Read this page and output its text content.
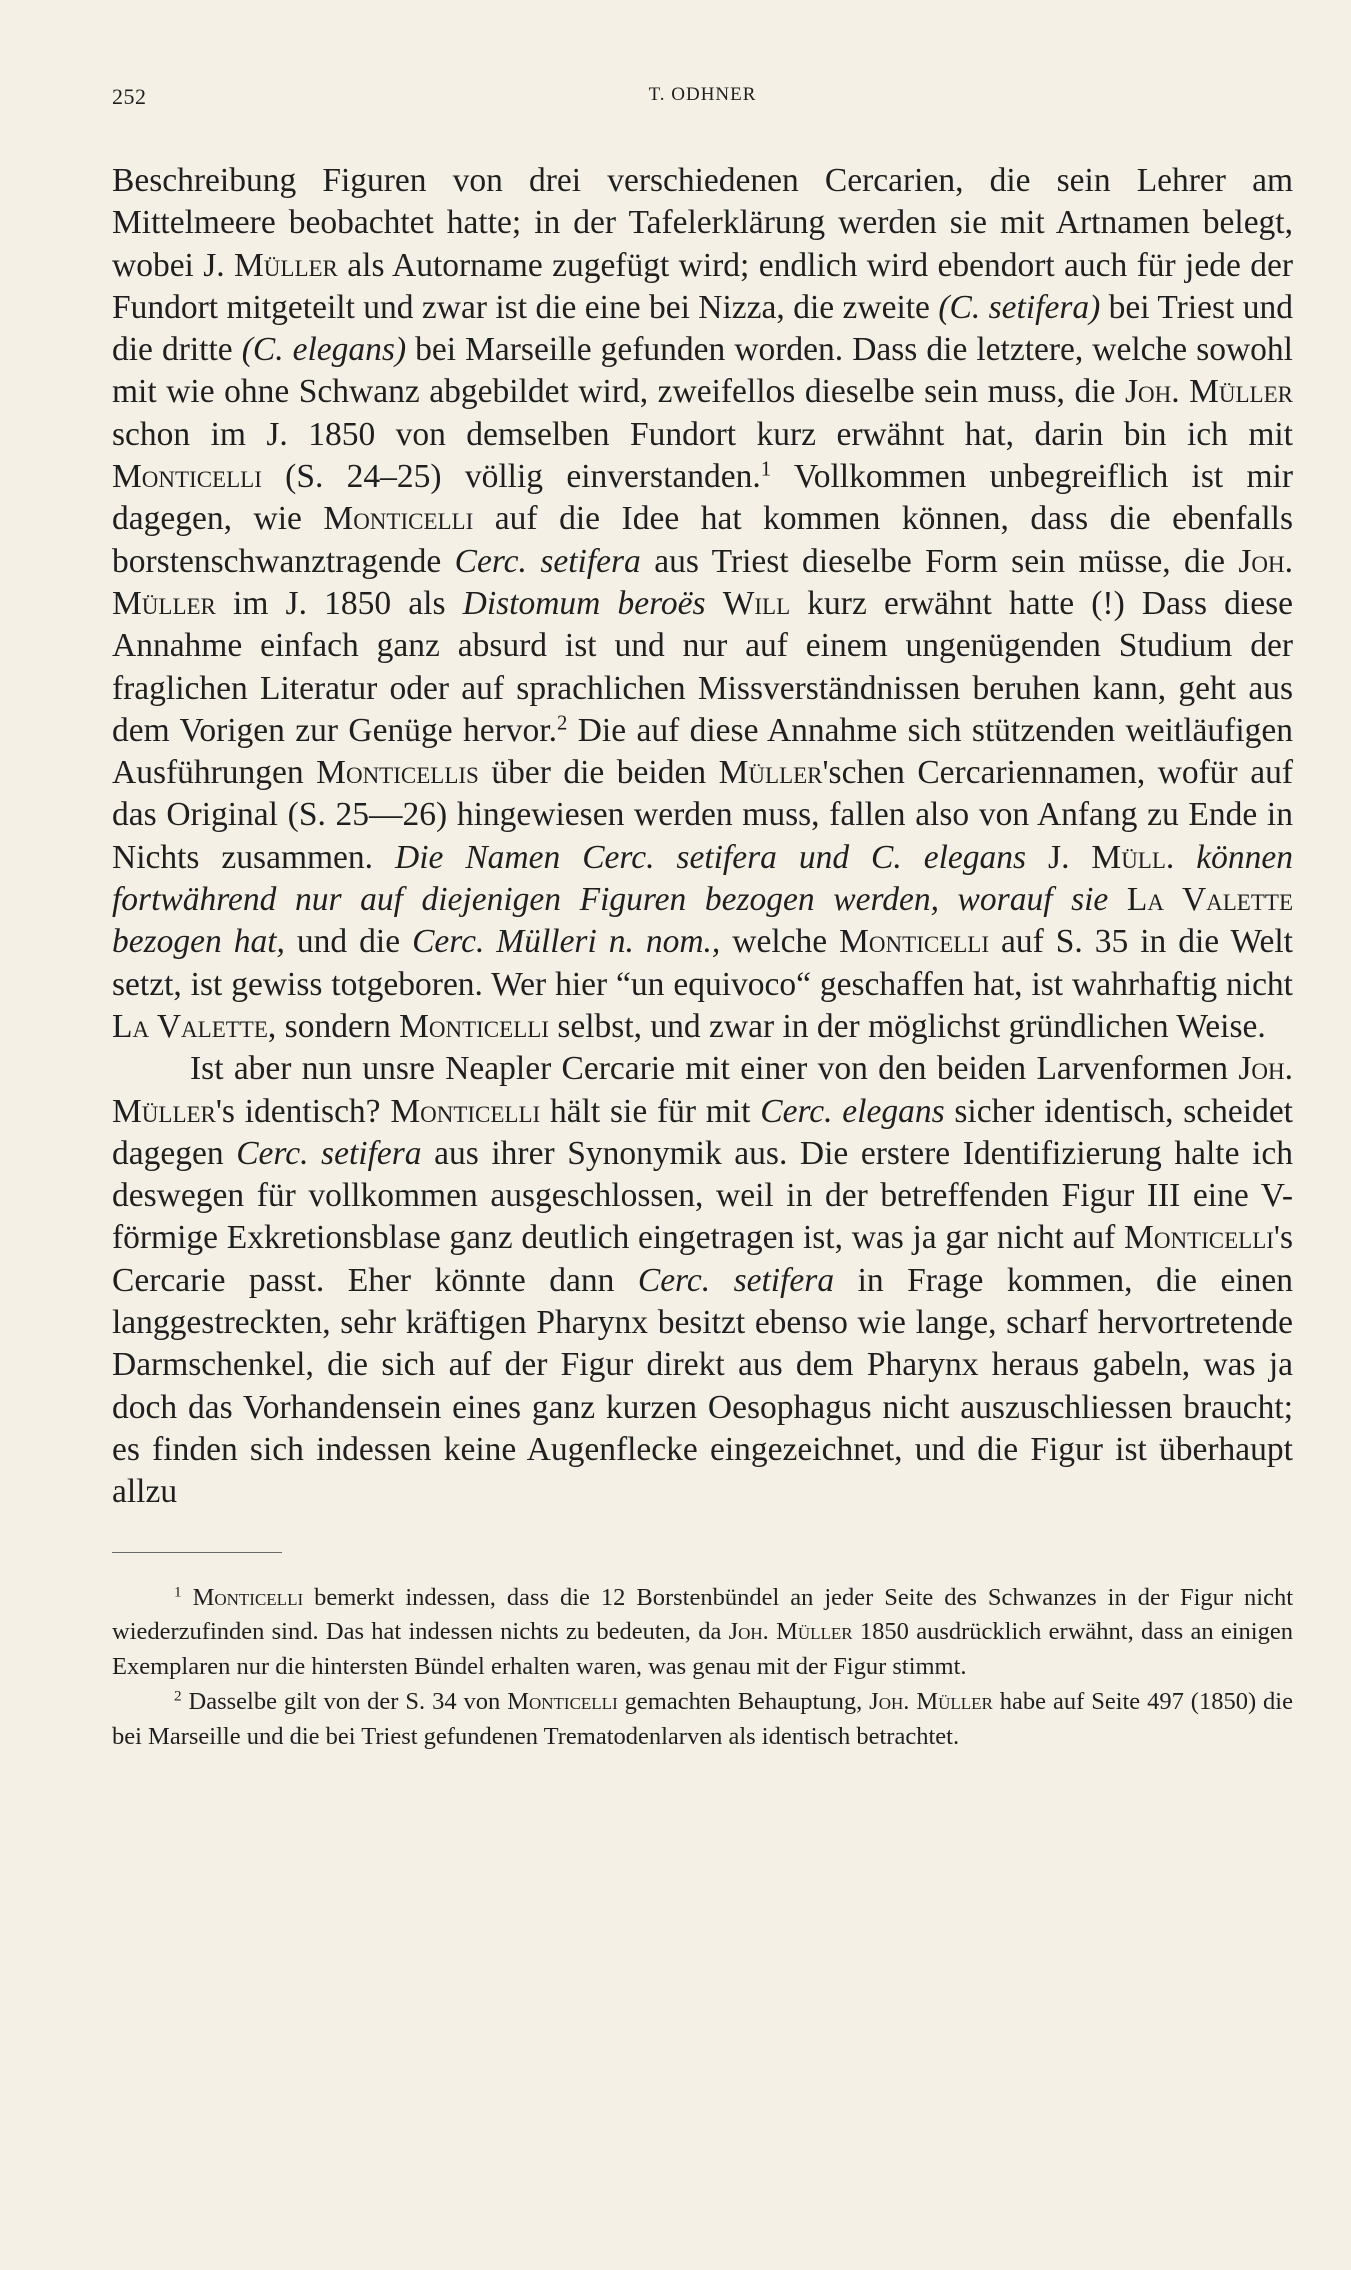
252	T. ODHNER

Beschreibung Figuren von drei verschiedenen Cercarien, die sein Lehrer am Mittelmeere beobachtet hatte; in der Tafelerklärung werden sie mit Artnamen belegt, wobei J. Müller als Autorname zugefügt wird; endlich wird ebendort auch für jede der Fundort mitgeteilt und zwar ist die eine bei Nizza, die zweite (C. setifera) bei Triest und die dritte (C. elegans) bei Marseille gefunden worden. Dass die letztere, welche sowohl mit wie ohne Schwanz abgebildet wird, zweifellos dieselbe sein muss, die Joh. Müller schon im J. 1850 von demselben Fundort kurz erwähnt hat, darin bin ich mit Monticelli (S. 24–25) völlig einverstanden.$^1$ Vollkommen unbegreiflich ist mir dagegen, wie Monticelli auf die Idee hat kommen können, dass die ebenfalls borstenschwanztragende Cerc. setifera aus Triest dieselbe Form sein müsse, die Joh. Müller im J. 1850 als Distomum beroës Will kurz erwähnt hatte (!) Dass diese Annahme einfach ganz absurd ist und nur auf einem ungenügenden Studium der fraglichen Literatur oder auf sprachlichen Missverständnissen beruhen kann, geht aus dem Vorigen zur Genüge hervor.$^2$ Die auf diese Annahme sich stützenden weitläufigen Ausführungen Monticellis über die beiden Müller'schen Cercariennamen, wofür auf das Original (S. 25—26) hingewiesen werden muss, fallen also von Anfang zu Ende in Nichts zusammen. Die Namen Cerc. setifera und C. elegans J. Müll. können fortwährend nur auf diejenigen Figuren bezogen werden, worauf sie La Valette bezogen hat, und die Cerc. Mülleri n. nom., welche Monticelli auf S. 35 in die Welt setzt, ist gewiss totgeboren. Wer hier “un equivoco“ geschaffen hat, ist wahrhaftig nicht La Valette, sondern Monticelli selbst, und zwar in der möglichst gründlichen Weise.

Ist aber nun unsre Neapler Cercarie mit einer von den beiden Larvenformen Joh. Müller's identisch? Monticelli hält sie für mit Cerc. elegans sicher identisch, scheidet dagegen Cerc. setifera aus ihrer Synonymik aus. Die erstere Identifizierung halte ich deswegen für vollkommen ausgeschlossen, weil in der betreffenden Figur III eine V-förmige Exkretionsblase ganz deutlich eingetragen ist, was ja gar nicht auf Monticelli's Cercarie passt. Eher könnte dann Cerc. setifera in Frage kommen, die einen langgestreckten, sehr kräftigen Pharynx besitzt ebenso wie lange, scharf hervortretende Darmschenkel, die sich auf der Figur direkt aus dem Pharynx heraus gabeln, was ja doch das Vorhandensein eines ganz kurzen Oesophagus nicht auszuschliessen braucht; es finden sich indessen keine Augenflecke eingezeichnet, und die Figur ist überhaupt allzu

$^1$ Monticelli bemerkt indessen, dass die 12 Borstenbündel an jeder Seite des Schwanzes in der Figur nicht wiederzufinden sind. Das hat indessen nichts zu bedeuten, da Joh. Müller 1850 ausdrücklich erwähnt, dass an einigen Exemplaren nur die hintersten Bündel erhalten waren, was genau mit der Figur stimmt.

$^2$ Dasselbe gilt von der S. 34 von Monticelli gemachten Behauptung, Joh. Müller habe auf Seite 497 (1850) die bei Marseille und die bei Triest gefundenen Trematodenlarven als identisch betrachtet.
